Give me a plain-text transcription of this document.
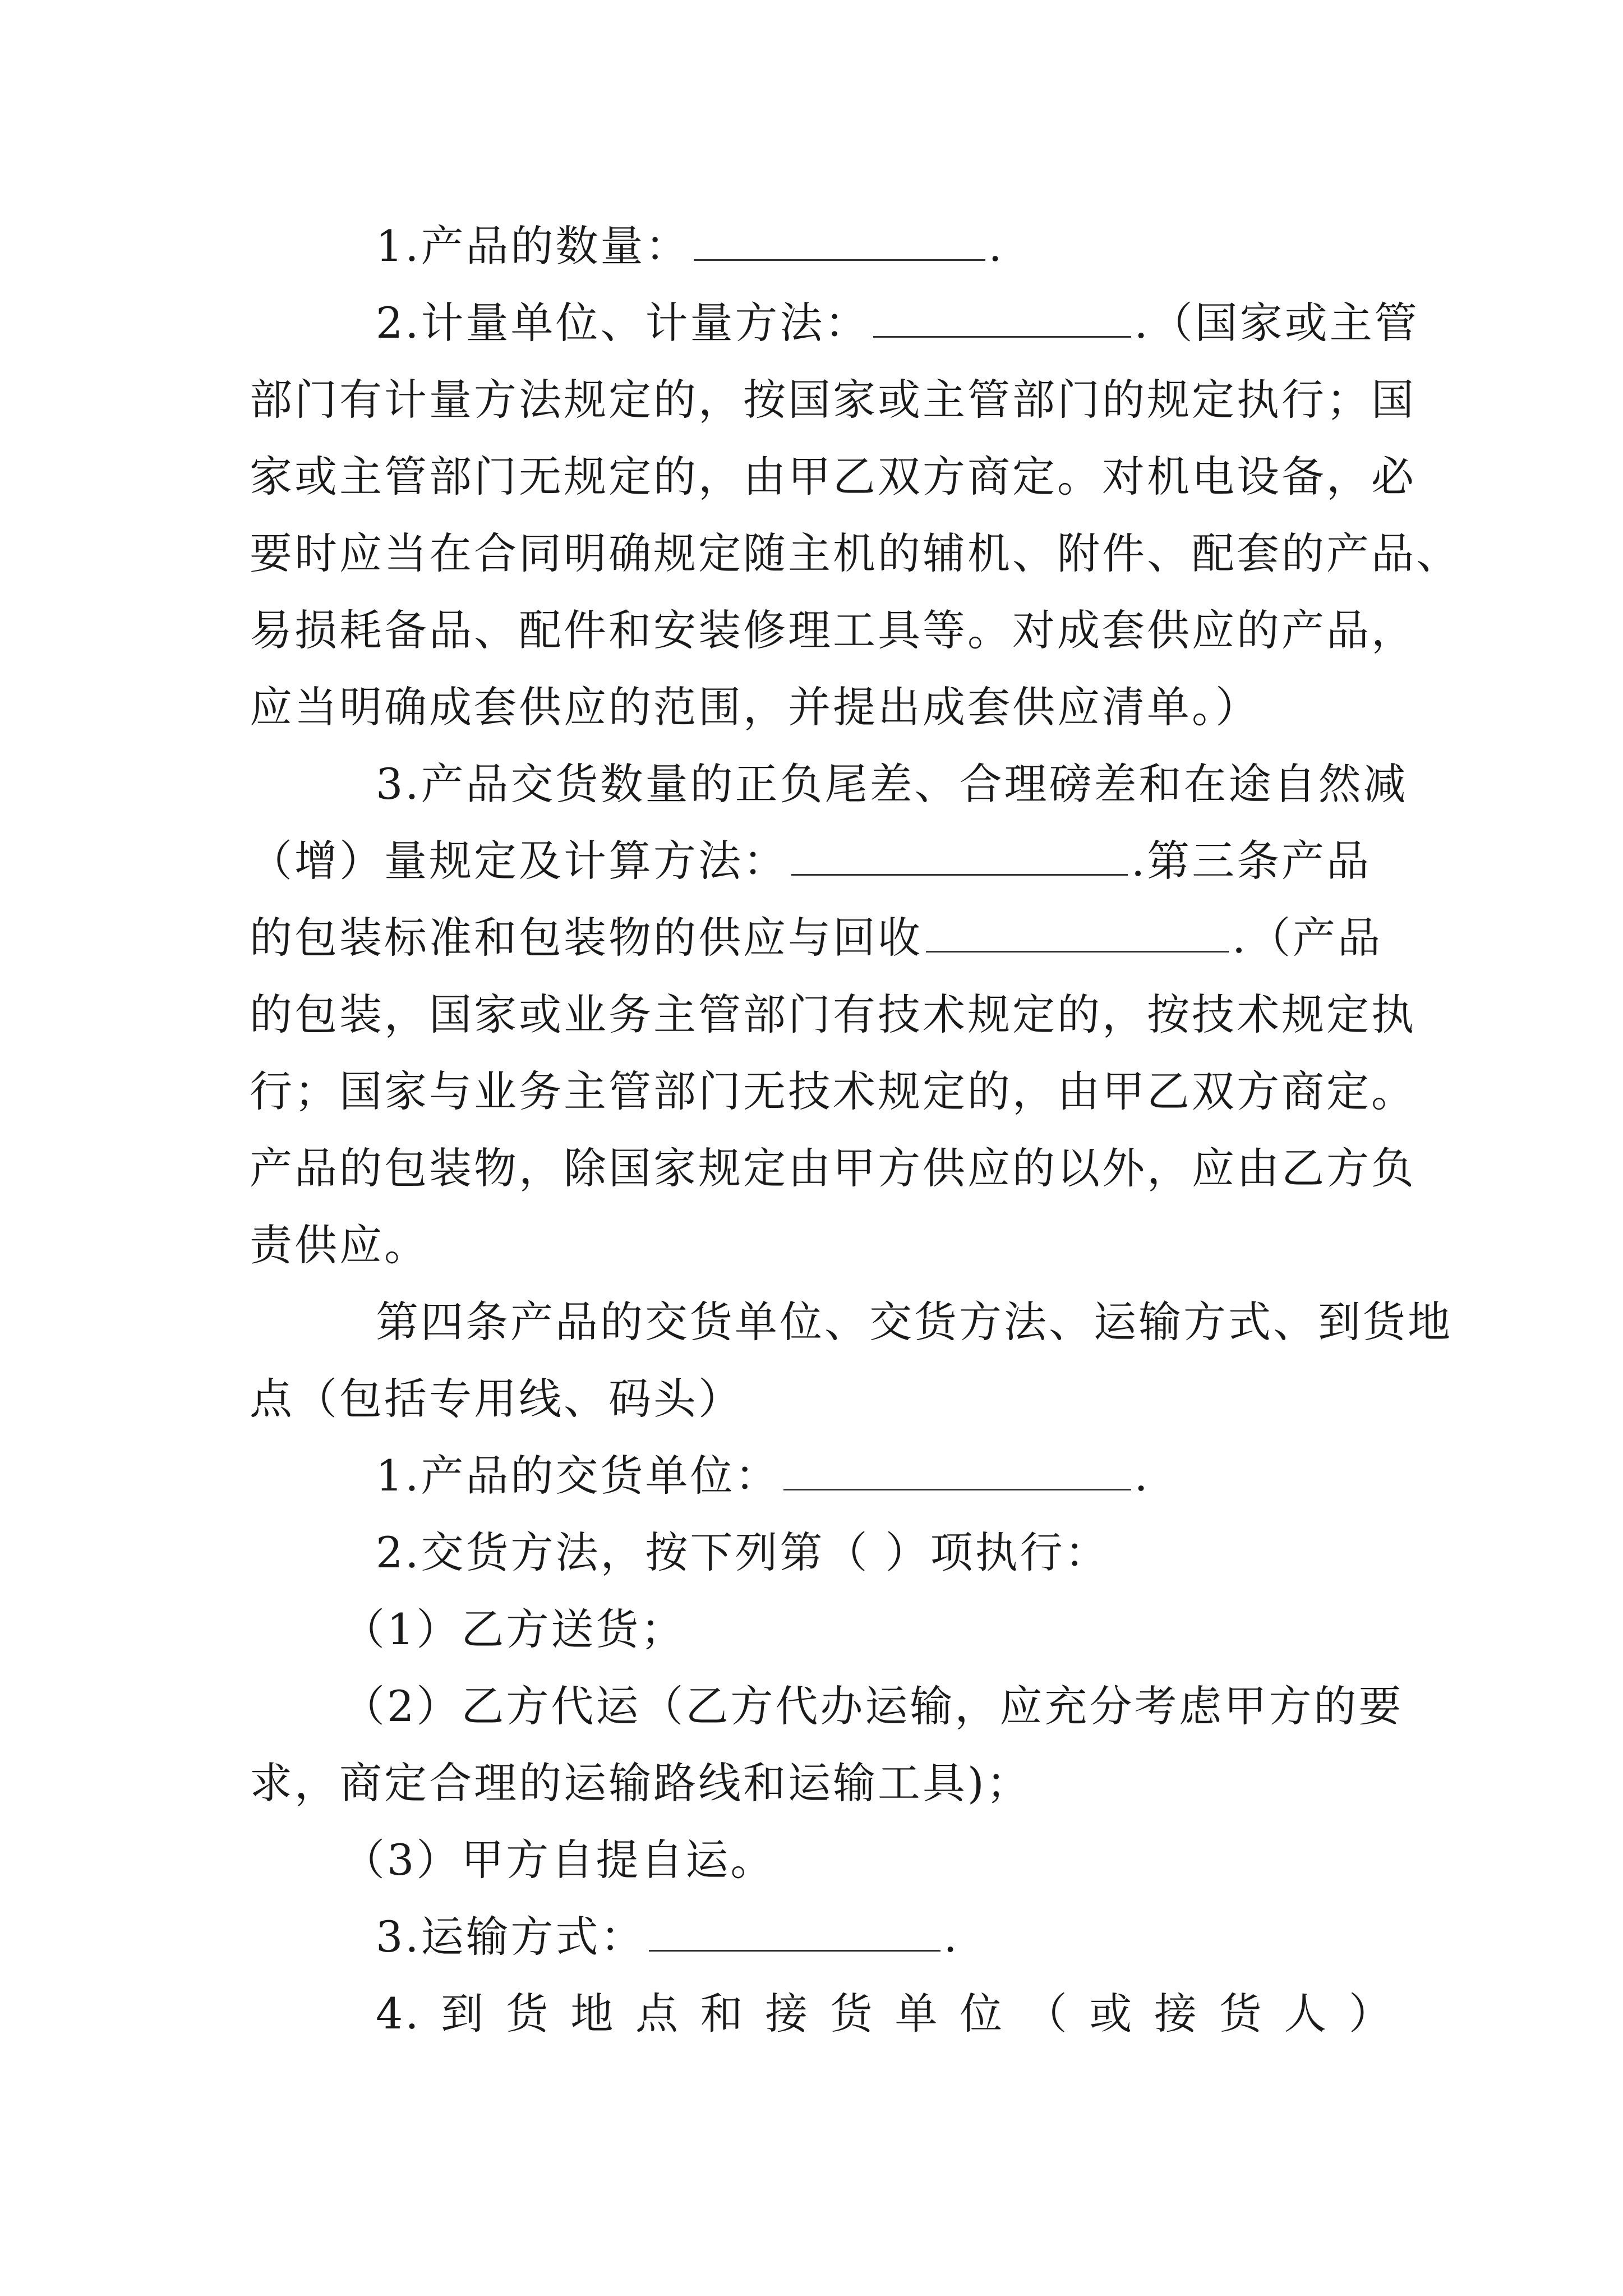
1.产品的数量：	.
2.计量单位、计量方法：	.（国家或主管
部门有计量方法规定的，按国家或主管部门的规定执行；国
家或主管部门无规定的，由甲乙双方商定。对机电设备，必
要时应当在合同明确规定随主机的辅机、附件、配套的产品、
易损耗备品、配件和安装修理工具等。对成套供应的产品，
应当明确成套供应的范围，并提出成套供应清单。）
3.产品交货数量的正负尾差、合理磅差和在途自然减
（增）量规定及计算方法：	.第三条产品
的包装标准和包装物的供应与回收	.（产品
的包装，国家或业务主管部门有技术规定的，按技术规定执
行；国家与业务主管部门无技术规定的，由甲乙双方商定。
产品的包装物，除国家规定由甲方供应的以外，应由乙方负
责供应。
第四条产品的交货单位、交货方法、运输方式、到货地
点（包括专用线、码头）
1.产品的交货单位：	.
2.交货方法，按下列第（ ）项执行：
（1）乙方送货；
（2）乙方代运（乙方代办运输，应充分考虑甲方的要
求，商定合理的运输路线和运输工具)；
（3）甲方自提自运。
3.运输方式：	.
4. 到 货 地 点 和 接 货 单 位 （ 或 接 货 人 ）
